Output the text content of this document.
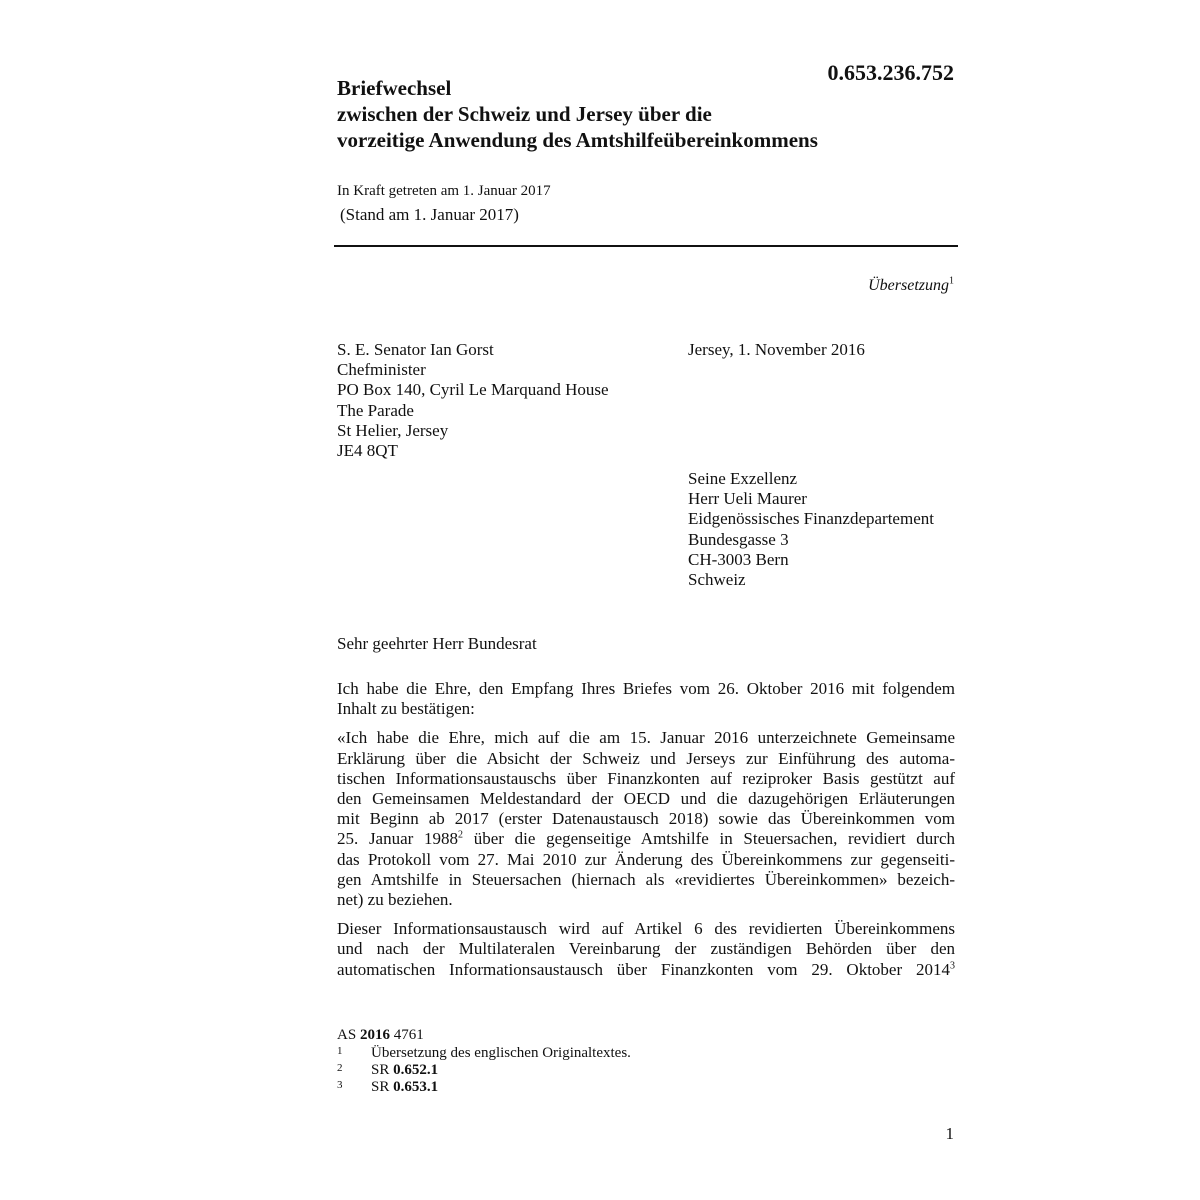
0.653.236.752
Briefwechsel
zwischen der Schweiz und Jersey über die
vorzeitige Anwendung des Amtshilfeübereinkommens
In Kraft getreten am 1. Januar 2017
(Stand am 1. Januar 2017)
Übersetzung$^1$
S. E. Senator Ian Gorst
Chefminister
PO Box 140, Cyril Le Marquand House
The Parade
St Helier, Jersey
JE4 8QT
Jersey, 1. November 2016
Seine Exzellenz
Herr Ueli Maurer
Eidgenössisches Finanzdepartement
Bundesgasse 3
CH-3003 Bern
Schweiz
Sehr geehrter Herr Bundesrat
Ich habe die Ehre, den Empfang Ihres Briefes vom 26. Oktober 2016 mit folgendem
Inhalt zu bestätigen:
«Ich habe die Ehre, mich auf die am 15. Januar 2016 unterzeichnete Gemeinsame
Erklärung über die Absicht der Schweiz und Jerseys zur Einführung des automa-
tischen Informationsaustauschs über Finanzkonten auf reziproker Basis gestützt auf
den Gemeinsamen Meldestandard der OECD und die dazugehörigen Erläuterungen
mit Beginn ab 2017 (erster Datenaustausch 2018) sowie das Übereinkommen vom
25. Januar 1988$^2$ über die gegenseitige Amtshilfe in Steuersachen, revidiert durch
das Protokoll vom 27. Mai 2010 zur Änderung des Übereinkommens zur gegenseiti-
gen Amtshilfe in Steuersachen (hiernach als «revidiertes Übereinkommen» bezeich-
net) zu beziehen.
Dieser Informationsaustausch wird auf Artikel 6 des revidierten Übereinkommens
und nach der Multilateralen Vereinbarung der zuständigen Behörden über den
automatischen Informationsaustausch über Finanzkonten vom 29. Oktober 2014$^3$
AS 2016 4761
1	Übersetzung des englischen Originaltextes.
2	SR 0.652.1
3	SR 0.653.1
1
